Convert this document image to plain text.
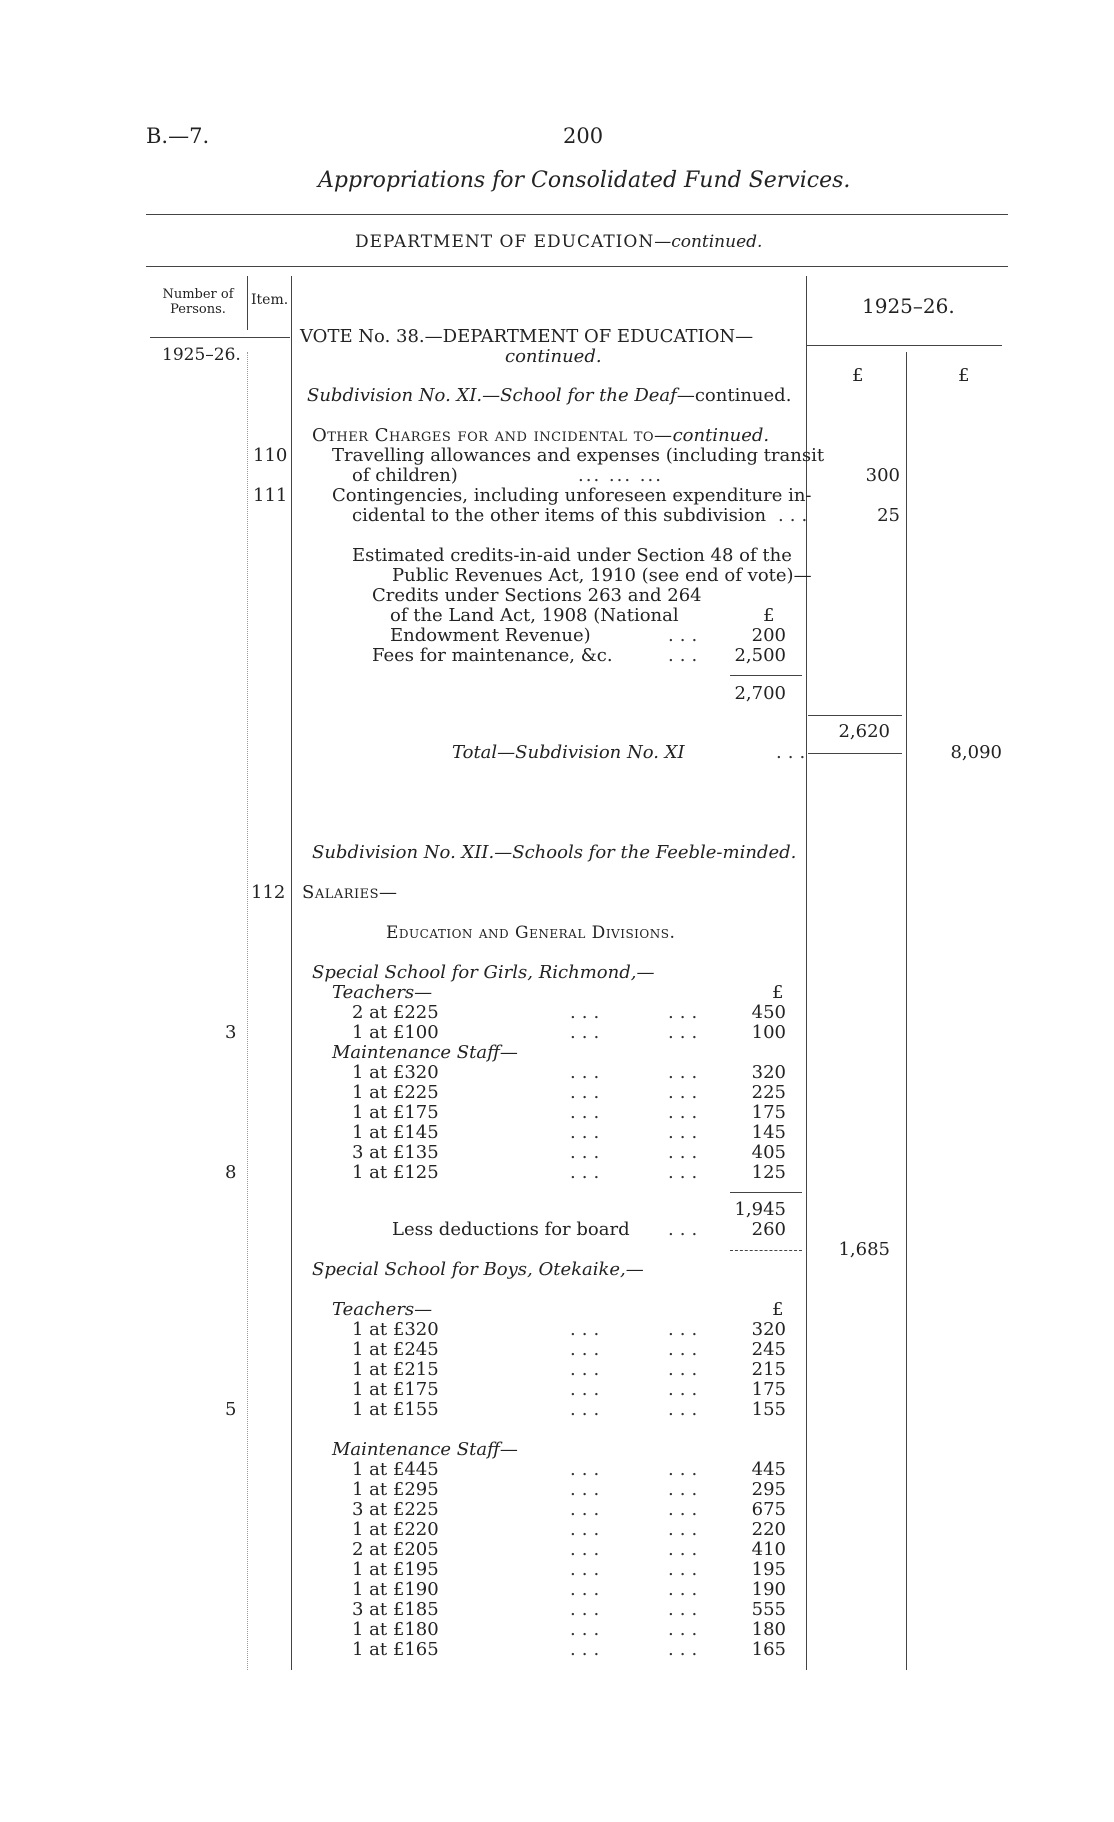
B.—7.	200
Appropriations for Consolidated Fund Services.
DEPARTMENT OF EDUCATION—continued.
Number of Persons.
Item.
1925–26.
1925–26.
£	£
VOTE No. 38.—DEPARTMENT OF EDUCATION—
continued.
Subdivision No. XI.—School for the Deaf—continued.
Other Charges for and incidental to—continued.
110 Travelling allowances and expenses (including transit
of children)	... ... ...	300
111 Contingencies, including unforeseen expenditure in-
cidental to the other items of this subdivision ...	25
Estimated credits-in-aid under Section 48 of the
Public Revenues Act, 1910 (see end of vote)—
Credits under Sections 263 and 264
of the Land Act, 1908 (National	£
Endowment Revenue)	...	200
Fees for maintenance, &c.	...	2,500
2,700
2,620
Total—Subdivision No. XI	...	8,090
Subdivision No. XII.—Schools for the Feeble-minded.
112 Salaries—
Education and General Divisions.
Special School for Girls, Richmond,—
Teachers—	£
2 at £225	...	...	450
3	1 at £100	...	...	100
Maintenance Staff—
1 at £320	...	...	320
1 at £225	...	...	225
1 at £175	...	...	175
1 at £145	...	...	145
3 at £135	...	...	405
8	1 at £125	...	...	125
1,945
Less deductions for board ...	260
1,685
Special School for Boys, Otekaike,—
Teachers—	£
1 at £320	...	...	320
1 at £245	...	...	245
1 at £215	...	...	215
1 at £175	...	...	175
5	1 at £155	...	...	155
Maintenance Staff—
1 at £445	...	...	445
1 at £295	...	...	295
3 at £225	...	...	675
1 at £220	...	...	220
2 at £205	...	...	410
1 at £195	...	...	195
1 at £190	...	...	190
3 at £185	...	...	555
1 at £180	...	...	180
1 at £165	...	...	165
